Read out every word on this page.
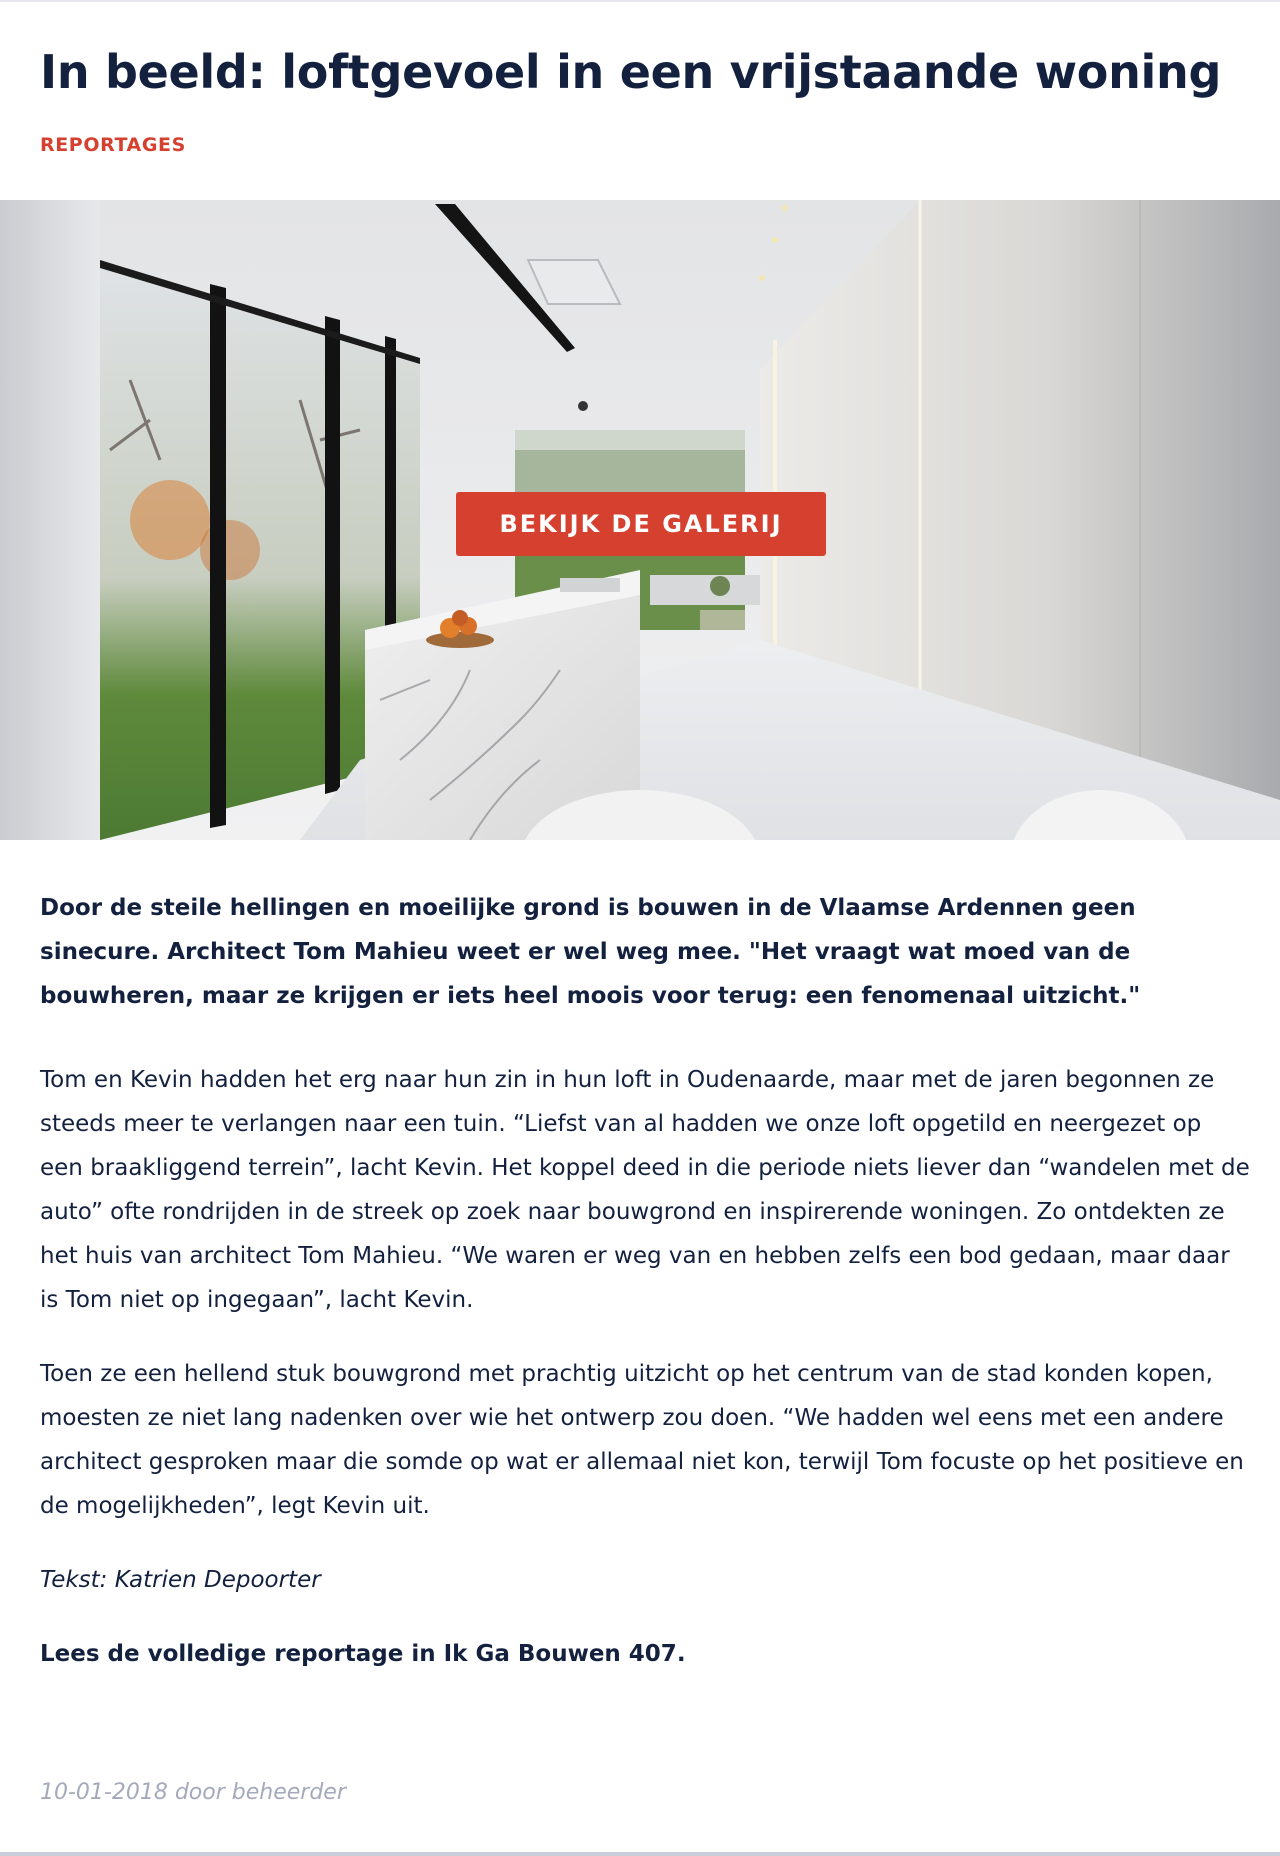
In beeld: loftgevoel in een vrijstaande woning
REPORTAGES
BEKIJK DE GALERIJ

Door de steile hellingen en moeilijke grond is bouwen in de Vlaamse Ardennen geen sinecure. Architect Tom Mahieu weet er wel weg mee. "Het vraagt wat moed van de bouwheren, maar ze krijgen er iets heel moois voor terug: een fenomenaal uitzicht."

Tom en Kevin hadden het erg naar hun zin in hun loft in Oudenaarde, maar met de jaren begonnen ze steeds meer te verlangen naar een tuin. “Liefst van al hadden we onze loft opgetild en neergezet op een braakliggend terrein”, lacht Kevin. Het koppel deed in die periode niets liever dan “wandelen met de auto” ofte rondrijden in de streek op zoek naar bouwgrond en inspirerende woningen. Zo ontdekten ze het huis van architect Tom Mahieu. “We waren er weg van en hebben zelfs een bod gedaan, maar daar is Tom niet op ingegaan”, lacht Kevin.

Toen ze een hellend stuk bouwgrond met prachtig uitzicht op het centrum van de stad konden kopen, moesten ze niet lang nadenken over wie het ontwerp zou doen. “We hadden wel eens met een andere architect gesproken maar die somde op wat er allemaal niet kon, terwijl Tom focuste op het positieve en de mogelijkheden”, legt Kevin uit.

Tekst: Katrien Depoorter

Lees de volledige reportage in Ik Ga Bouwen 407.

10-01-2018 door beheerder
